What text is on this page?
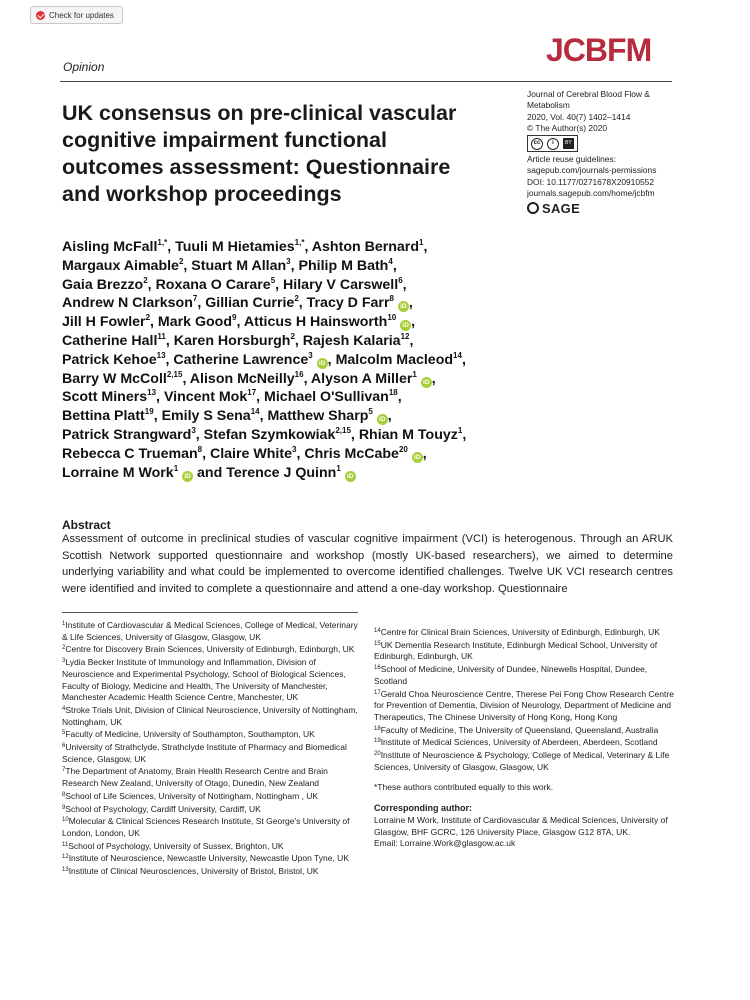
Check for updates
JCBFM
Opinion
Journal of Cerebral Blood Flow & Metabolism
2020, Vol. 40(7) 1402–1414
© The Author(s) 2020
cc	i	BY
Article reuse guidelines:
sagepub.com/journals-permissions
DOI: 10.1177/0271678X20910552
journals.sagepub.com/home/jcbfm
SAGE
UK consensus on pre-clinical vascular cognitive impairment functional outcomes assessment: Questionnaire and workshop proceedings
Aisling McFall$^{1,*}$, Tuuli M Hietamies$^{1,*}$, Ashton Bernard$^1$,
Margaux Aimable$^2$, Stuart M Allan$^3$, Philip M Bath$^4$,
Gaia Brezzo$^2$, Roxana O Carare$^5$, Hilary V Carswell$^6$,
Andrew N Clarkson$^7$, Gillian Currie$^2$, Tracy D Farr$^8$ iD ,
Jill H Fowler$^2$, Mark Good$^9$, Atticus H Hainsworth$^{10}$ iD ,
Catherine Hall$^{11}$, Karen Horsburgh$^2$, Rajesh Kalaria$^{12}$,
Patrick Kehoe$^{13}$, Catherine Lawrence$^3$ iD , Malcolm Macleod$^{14}$,
Barry W McColl$^{2,15}$, Alison McNeilly$^{16}$, Alyson A Miller$^1$ iD ,
Scott Miners$^{13}$, Vincent Mok$^{17}$, Michael O'Sullivan$^{18}$,
Bettina Platt$^{19}$, Emily S Sena$^{14}$, Matthew Sharp$^5$ iD ,
Patrick Strangward$^3$, Stefan Szymkowiak$^{2,15}$, Rhian M Touyz$^1$,
Rebecca C Trueman$^8$, Claire White$^3$, Chris McCabe$^{20}$ iD ,
Lorraine M Work$^1$ iD and Terence J Quinn$^1$ iD
Abstract
Assessment of outcome in preclinical studies of vascular cognitive impairment (VCI) is heterogenous. Through an ARUK Scottish Network supported questionnaire and workshop (mostly UK-based researchers), we aimed to determine underlying variability and what could be implemented to overcome identified challenges. Twelve UK VCI research centres were identified and invited to complete a questionnaire and attend a one-day workshop. Questionnaire
$^1$Institute of Cardiovascular & Medical Sciences, College of Medical, Veterinary & Life Sciences, University of Glasgow, Glasgow, UK
$^2$Centre for Discovery Brain Sciences, University of Edinburgh, Edinburgh, UK
$^3$Lydia Becker Institute of Immunology and Inflammation, Division of Neuroscience and Experimental Psychology, School of Biological Sciences, Faculty of Biology, Medicine and Health, The University of Manchester, Manchester Academic Health Science Centre, Manchester, UK
$^4$Stroke Trials Unit, Division of Clinical Neuroscience, University of Nottingham, Nottingham, UK
$^5$Faculty of Medicine, University of Southampton, Southampton, UK
$^6$University of Strathclyde, Strathclyde Institute of Pharmacy and Biomedical Science, Glasgow, UK
$^7$The Department of Anatomy, Brain Health Research Centre and Brain Research New Zealand, University of Otago, Dunedin, New Zealand
$^8$School of Life Sciences, University of Nottingham, Nottingham , UK
$^9$School of Psychology, Cardiff University, Cardiff, UK
$^{10}$Molecular & Clinical Sciences Research Institute, St George's University of London, London, UK
$^{11}$School of Psychology, University of Sussex, Brighton, UK
$^{12}$Institute of Neuroscience, Newcastle University, Newcastle Upon Tyne, UK
$^{13}$Institute of Clinical Neurosciences, University of Bristol, Bristol, UK
$^{14}$Centre for Clinical Brain Sciences, University of Edinburgh, Edinburgh, UK
$^{15}$UK Dementia Research Institute, Edinburgh Medical School, University of Edinburgh, Edinburgh, UK
$^{16}$School of Medicine, University of Dundee, Ninewells Hospital, Dundee, Scotland
$^{17}$Gerald Choa Neuroscience Centre, Therese Pei Fong Chow Research Centre for Prevention of Dementia, Division of Neurology, Department of Medicine and Therapeutics, The Chinese University of Hong Kong, Hong Kong
$^{18}$Faculty of Medicine, The University of Queensland, Queensland, Australia
$^{19}$Institute of Medical Sciences, University of Aberdeen, Aberdeen, Scotland
$^{20}$Institute of Neuroscience & Psychology, College of Medical, Veterinary & Life Sciences, University of Glasgow, Glasgow, UK
*These authors contributed equally to this work.
Corresponding author:
Lorraine M Work, Institute of Cardiovascular & Medical Sciences, University of Glasgow, BHF GCRC, 126 University Place, Glasgow G12 8TA, UK.
Email: Lorraine.Work@glasgow.ac.uk
